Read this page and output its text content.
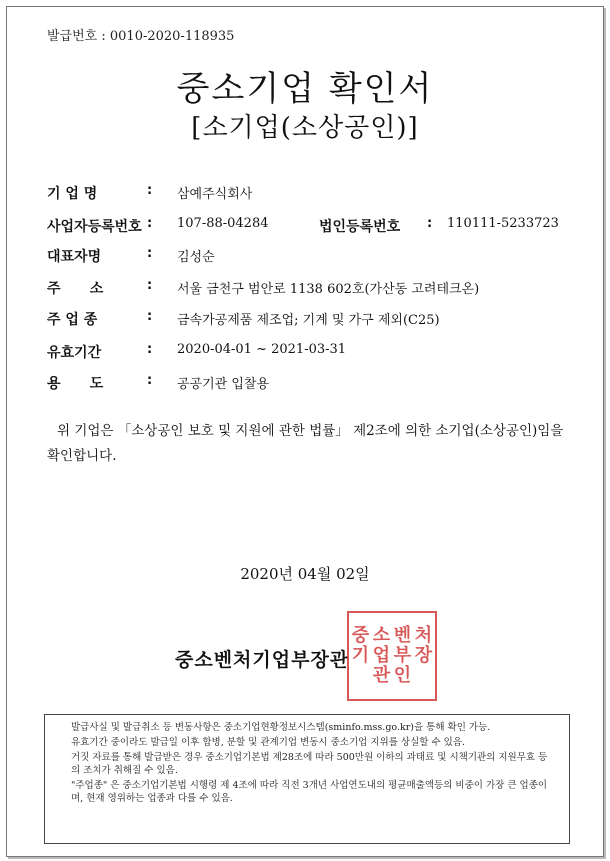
발급번호 : 0010-2020-118935
중소기업 확인서
[소기업(소상공인)]
기 업 명	: 삼예주식회사
사업자등록번호 : 107-88-04284	법인등록번호 : 110111-5233723
대표자명	: 김성순
주      소	: 서울 금천구 범안로 1138 602호(가산동 고려테크온)
주 업 종	: 금속가공제품 제조업; 기계 및 가구 제외(C25)
유효기간	: 2020-04-01 ~ 2021-03-31
용      도	: 공공기관 입찰용
위 기업은 「소상공인 보호 및 지원에 관한 법률」 제2조에 의한 소기업(소상공인)임을 확인합니다.
2020년 04월 02일
중소벤처기업부장관
중 소 벤 처
기 업 부 장
관 인
발급사실 및 발급취소 등 변동사항은 중소기업현황정보시스템(sminfo.mss.go.kr)을 통해 확인 가능.
유효기간 중이라도 발급일 이후 합병, 분할 및 관계기업 변동시 중소기업 지위를 상실할 수 있음.
거짓 자료를 통해 발급받은 경우 중소기업기본법 제28조에 따라 500만원 이하의 과태료 및 시책기관의 지원무효 등의 조치가 취해질 수 있음.
"주업종" 은 중소기업기본법 시행령 제 4조에 따라 직전 3개년 사업연도내의 평균매출액등의 비중이 가장 큰 업종이며, 현재 영위하는 업종과 다를 수 있음.
